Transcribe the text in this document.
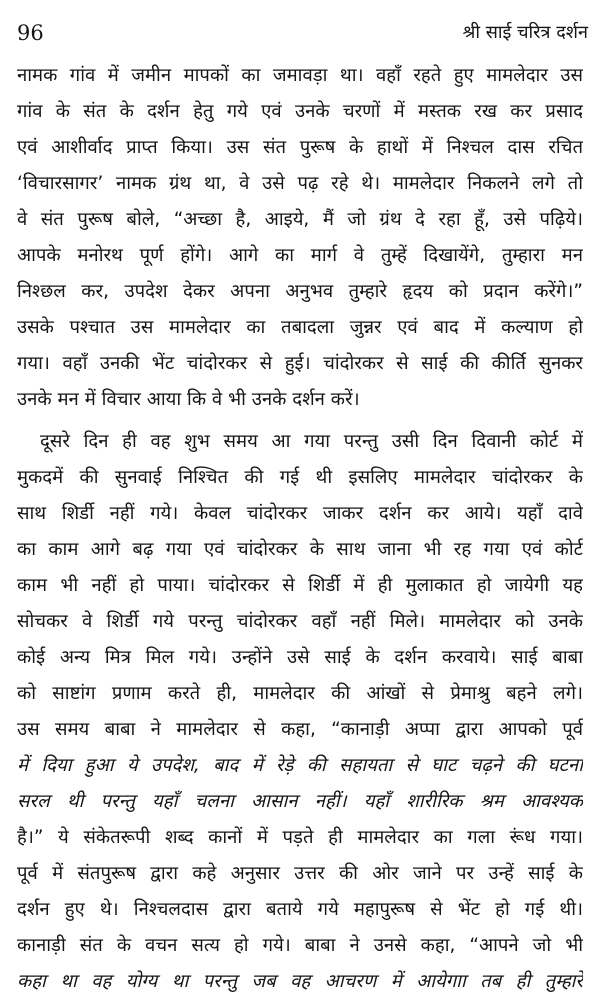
96	श्री साई चरित्र दर्शन
नामक गांव में जमीन मापकों का जमावड़ा था। वहाँ रहते हुए मामलेदार उस
गांव के संत के दर्शन हेतु गये एवं उनके चरणों में मस्तक रख कर प्रसाद
एवं आशीर्वाद प्राप्त किया। उस संत पुरूष के हाथों में निश्चल दास रचित
‘विचारसागर’ नामक ग्रंथ था, वे उसे पढ़ रहे थे। मामलेदार निकलने लगे तो
वे संत पुरूष बोले, “अच्छा है, आइये, मैं जो ग्रंथ दे रहा हूँ, उसे पढ़िये।
आपके मनोरथ पूर्ण होंगे। आगे का मार्ग वे तुम्हें दिखायेंगे, तुम्हारा मन
निश्छल कर, उपदेश देकर अपना अनुभव तुम्हारे हृदय को प्रदान करेंगे।”
उसके पश्चात उस मामलेदार का तबादला जुन्नर एवं बाद में कल्याण हो
गया। वहाँ उनकी भेंट चांदोरकर से हुई। चांदोरकर से साई की कीर्ति सुनकर
उनके मन में विचार आया कि वे भी उनके दर्शन करें।
दूसरे दिन ही वह शुभ समय आ गया परन्तु उसी दिन दिवानी कोर्ट में
मुकदमें की सुनवाई निश्चित की गई थी इसलिए मामलेदार चांदोरकर के
साथ शिर्डी नहीं गये। केवल चांदोरकर जाकर दर्शन कर आये। यहाँ दावे
का काम आगे बढ़ गया एवं चांदोरकर के साथ जाना भी रह गया एवं कोर्ट
काम भी नहीं हो पाया। चांदोरकर से शिर्डी में ही मुलाकात हो जायेगी यह
सोचकर वे शिर्डी गये परन्तु चांदोरकर वहाँ नहीं मिले। मामलेदार को उनके
कोई अन्य मित्र मिल गये। उन्होंने उसे साई के दर्शन करवाये। साई बाबा
को साष्टांग प्रणाम करते ही, मामलेदार की आंखों से प्रेमाश्रु बहने लगे।
उस समय बाबा ने मामलेदार से कहा, “कानाड़ी अप्पा द्वारा आपको पूर्व
में दिया हुआ ये उपदेश, बाद में रेड़े की सहायता से घाट चढ़ने की घटना
सरल थी परन्तु यहाँ चलना आसान नहीं। यहाँ शारीरिक श्रम आवश्यक
है।” ये संकेतरूपी शब्द कानों में पड़ते ही मामलेदार का गला रूंध गया।
पूर्व में संतपुरूष द्वारा कहे अनुसार उत्तर की ओर जाने पर उन्हें साई के
दर्शन हुए थे। निश्चलदास द्वारा बताये गये महापुरूष से भेंट हो गई थी।
कानाड़ी संत के वचन सत्य हो गये। बाबा ने उनसे कहा, “आपने जो भी
कहा था वह योग्य था परन्तु जब वह आचरण में आयेगाा तब ही तुम्हारे
